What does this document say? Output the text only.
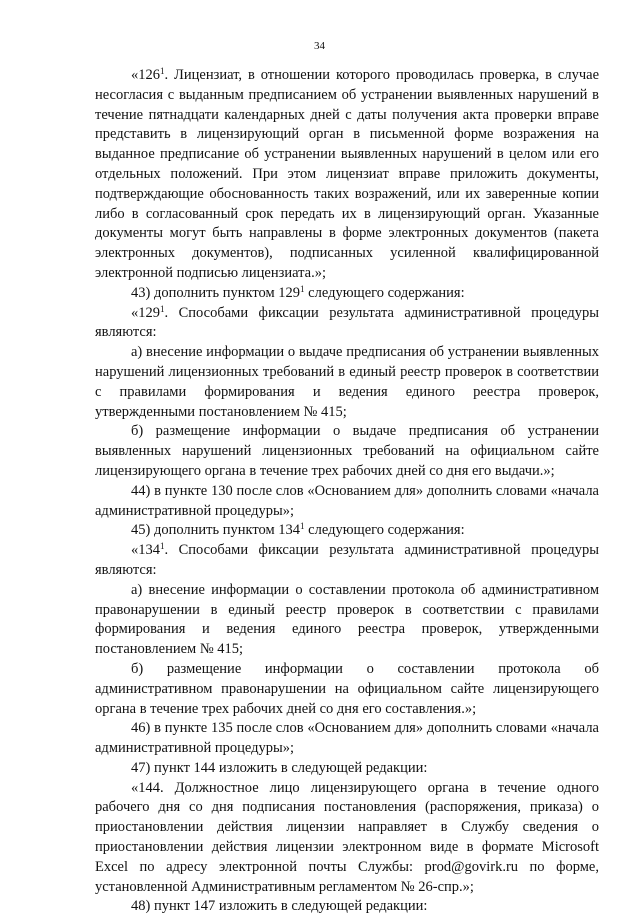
34

«$126^1$. Лицензиат, в отношении которого проводилась проверка, в случае несогласия с выданным предписанием об устранении выявленных нарушений в течение пятнадцати календарных дней с даты получения акта проверки вправе представить в лицензирующий орган в письменной форме возражения на выданное предписание об устранении выявленных нарушений в целом или его отдельных положений. При этом лицензиат вправе приложить документы, подтверждающие обоснованность таких возражений, или их заверенные копии либо в согласованный срок передать их в лицензирующий орган. Указанные документы могут быть направлены в форме электронных документов (пакета электронных документов), подписанных усиленной квалифицированной электронной подписью лицензиата.»;

43) дополнить пунктом $129^1$ следующего содержания:

«$129^1$. Способами фиксации результата административной процедуры являются:

а) внесение информации о выдаче предписания об устранении выявленных нарушений лицензионных требований в единый реестр проверок в соответствии с правилами формирования и ведения единого реестра проверок, утвержденными постановлением № 415;

б) размещение информации о выдаче предписания об устранении выявленных нарушений лицензионных требований на официальном сайте лицензирующего органа в течение трех рабочих дней со дня его выдачи.»;

44) в пункте 130 после слов «Основанием для» дополнить словами «начала административной процедуры»;

45) дополнить пунктом $134^1$ следующего содержания:

«$134^1$. Способами фиксации результата административной процедуры являются:

а) внесение информации о составлении протокола об административном правонарушении в единый реестр проверок в соответствии с правилами формирования и ведения единого реестра проверок, утвержденными постановлением № 415;

б) размещение информации о составлении протокола об административном правонарушении на официальном сайте лицензирующего органа в течение трех рабочих дней со дня его составления.»;

46) в пункте 135 после слов «Основанием для» дополнить словами «начала административной процедуры»;

47) пункт 144 изложить в следующей редакции:

«144. Должностное лицо лицензирующего органа в течение одного рабочего дня со дня подписания постановления (распоряжения, приказа) о приостановлении действия лицензии направляет в Службу сведения о приостановлении действия лицензии электронном виде в формате Microsoft Excel по адресу электронной почты Службы: prod@govirk.ru по форме, установленной Административным регламентом № 26-спр.»;

48) пункт 147 изложить в следующей редакции:
